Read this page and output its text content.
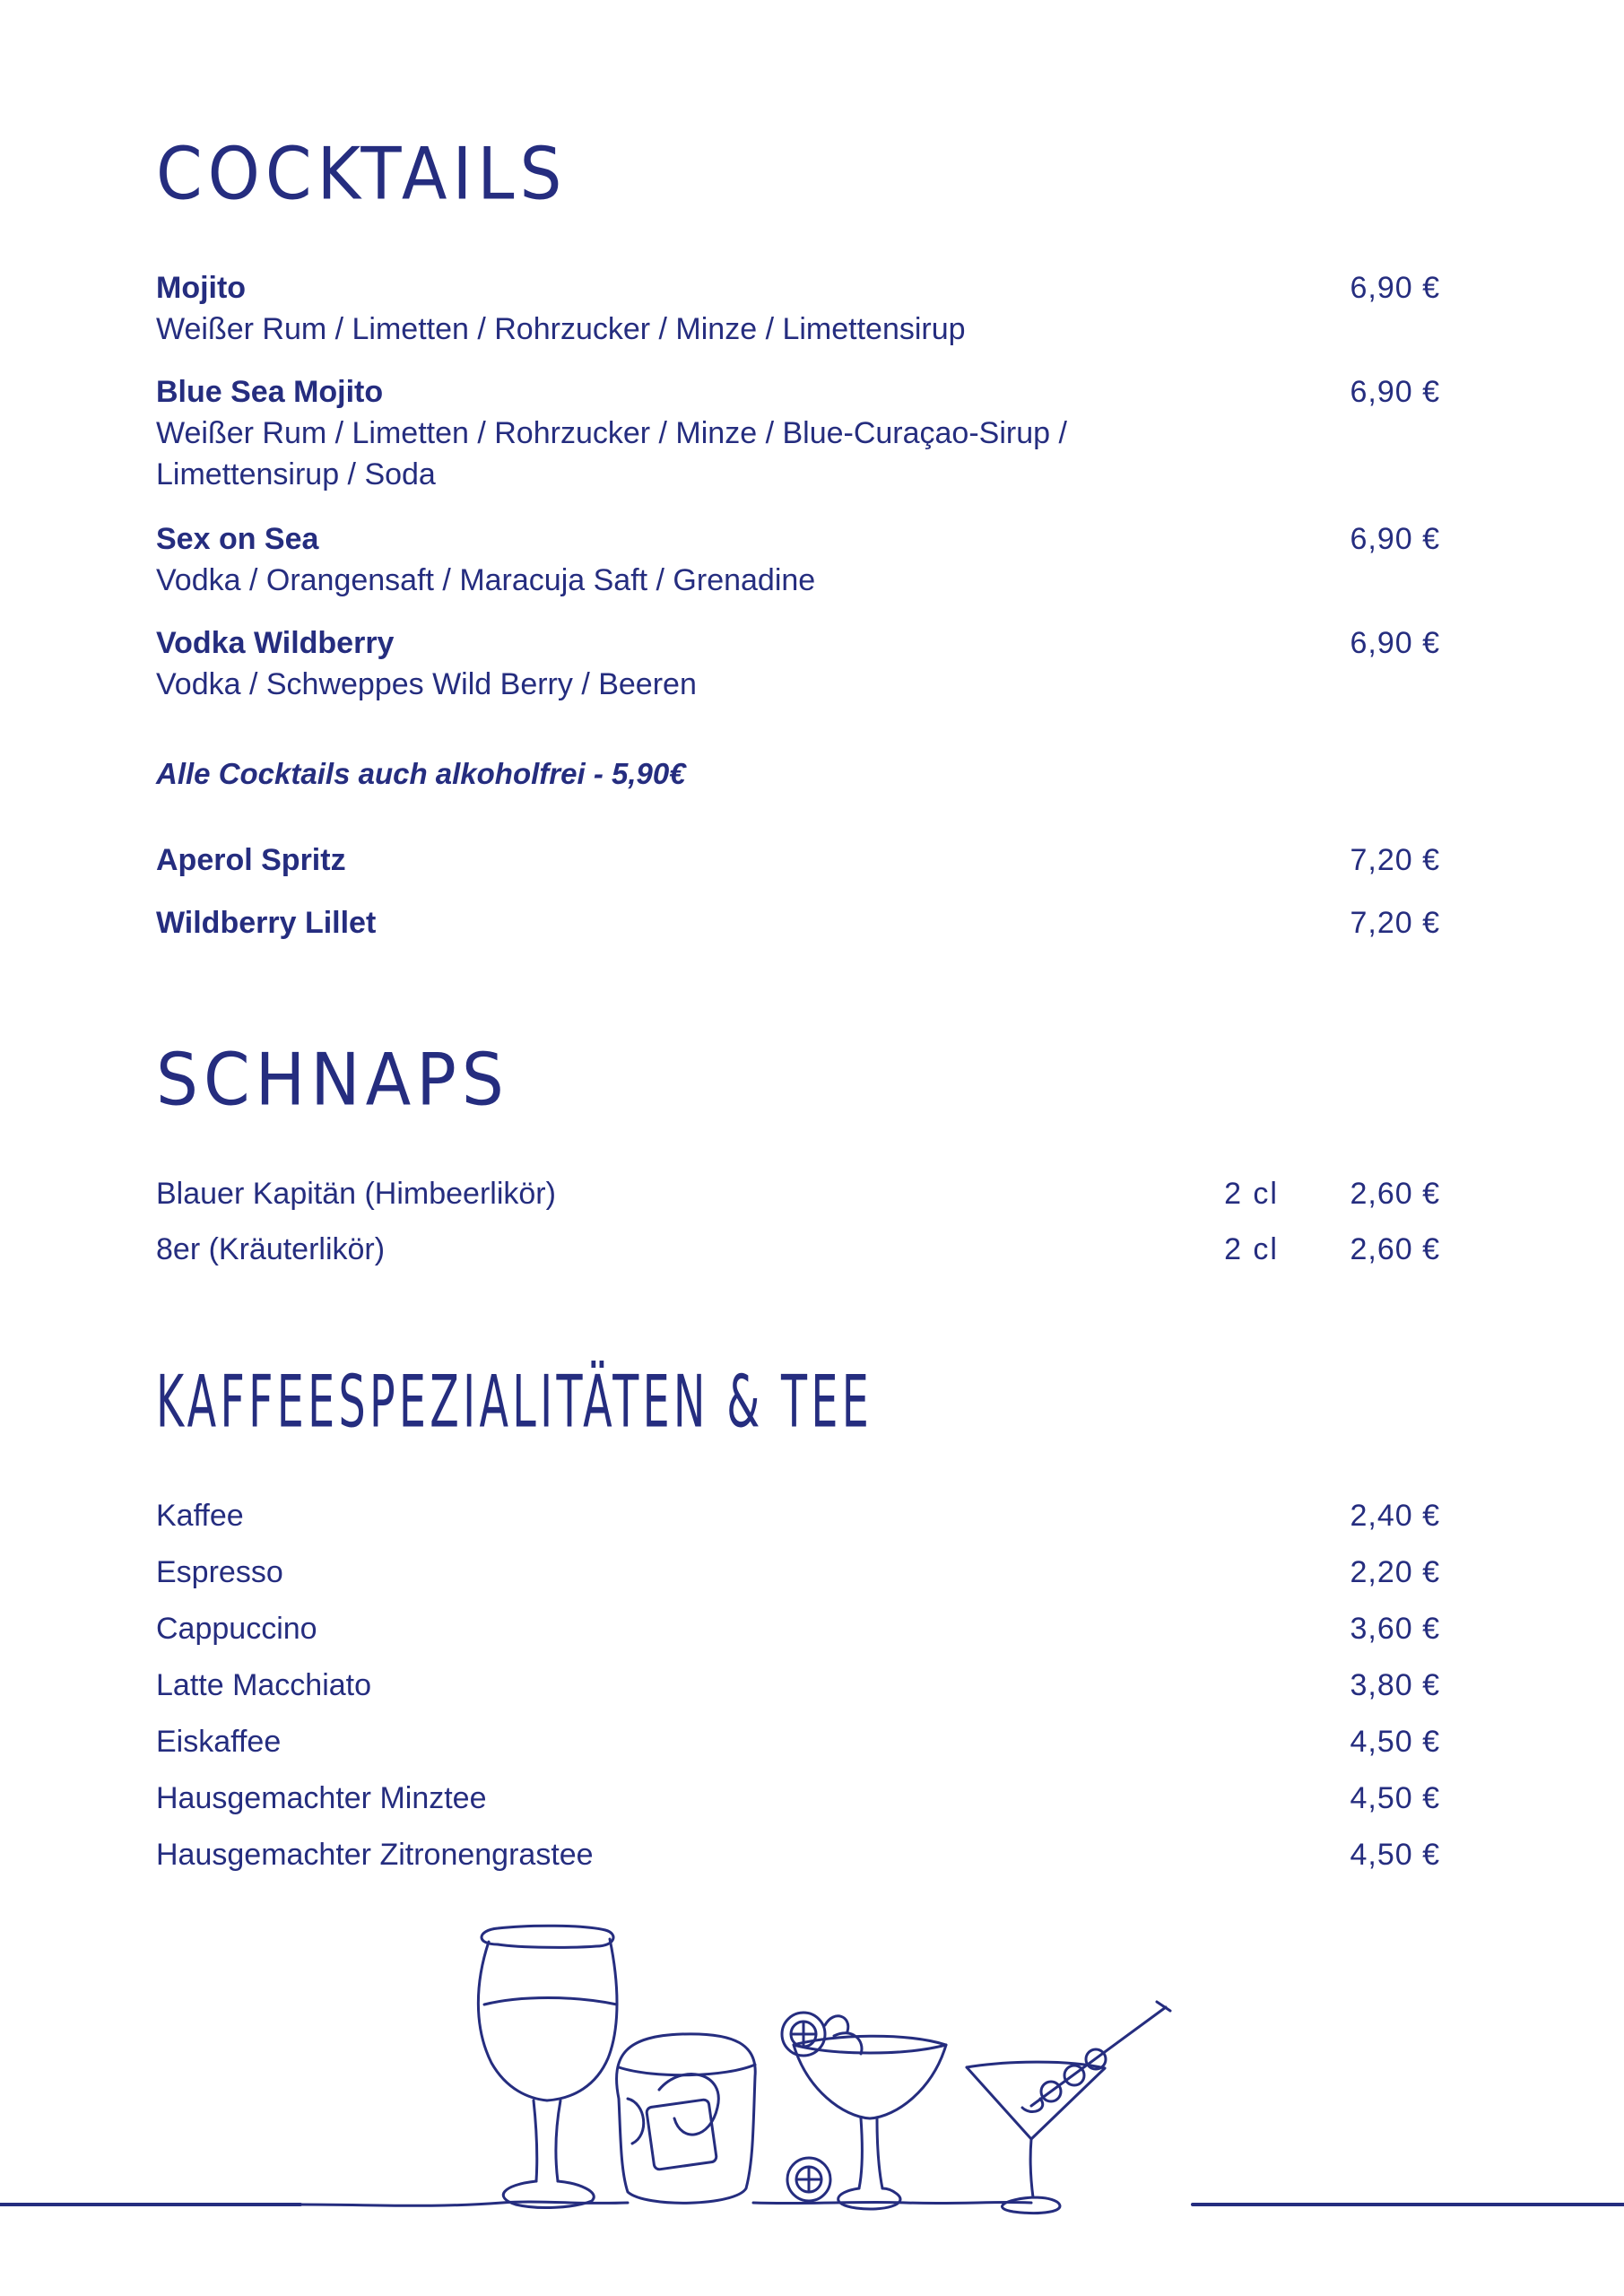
COCKTAILS
Mojito
Weißer Rum / Limetten / Rohrzucker / Minze / Limettensirup
6,90 €
Blue Sea Mojito
Weißer Rum / Limetten / Rohrzucker / Minze / Blue-Curaçao-Sirup / Limettensirup / Soda
6,90 €
Sex on Sea
Vodka / Orangensaft / Maracuja Saft / Grenadine
6,90 €
Vodka Wildberry
Vodka / Schweppes Wild Berry / Beeren
6,90 €
Alle Cocktails auch alkoholfrei - 5,90€
Aperol Spritz	7,20 €
Wildberry Lillet	7,20 €
SCHNAPS
Blauer Kapitän (Himbeerlikör)	2 cl 2,60 €
8er (Kräuterlikör)	2 cl 2,60 €
KAFFEESPEZIALITÄTEN & TEE
Kaffee	2,40 €
Espresso	2,20 €
Cappuccino	3,60 €
Latte Macchiato	3,80 €
Eiskaffee	4,50 €
Hausgemachter Minztee	4,50 €
Hausgemachter Zitronengrastee	4,50 €
